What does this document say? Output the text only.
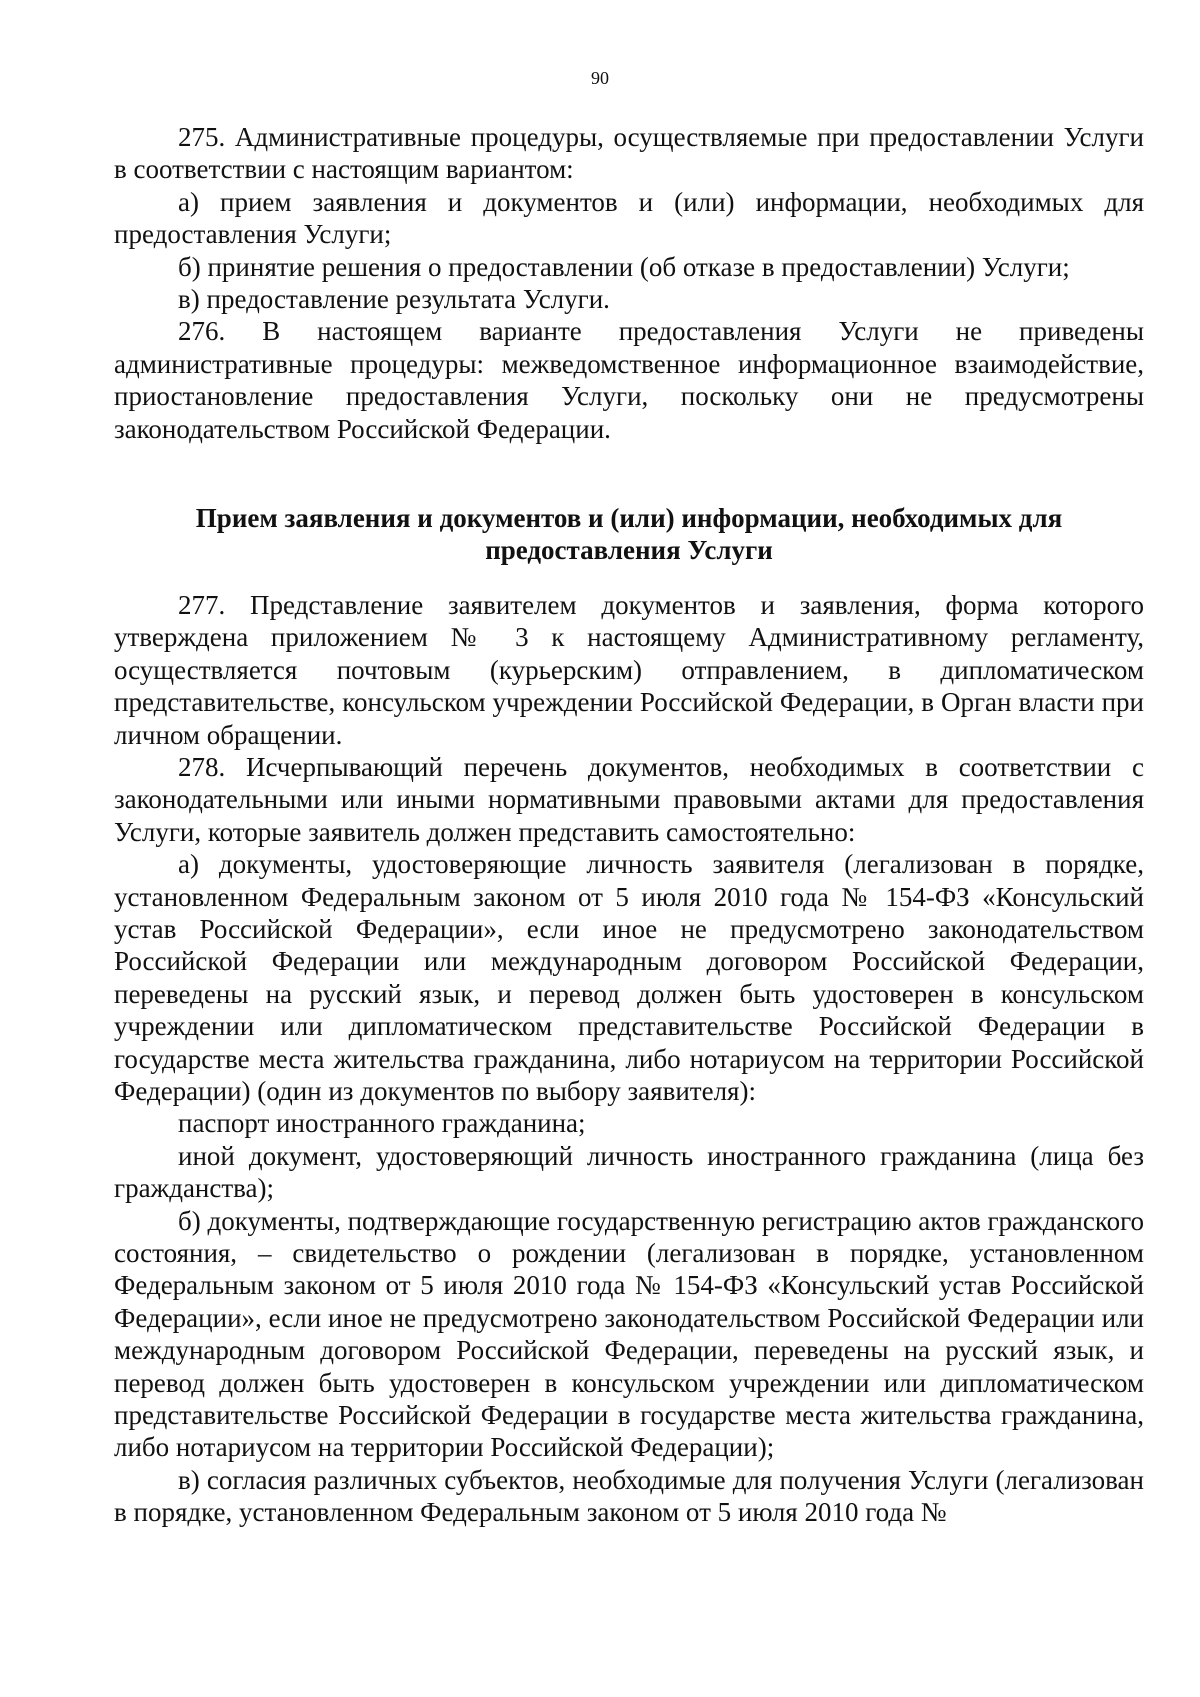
90

275. Административные процедуры, осуществляемые при предоставлении Услуги в соответствии с настоящим вариантом:

а) прием заявления и документов и (или) информации, необходимых для предоставления Услуги;

б) принятие решения о предоставлении (об отказе в предоставлении) Услуги;

в) предоставление результата Услуги.

276. В настоящем варианте предоставления Услуги не приведены административные процедуры: межведомственное информационное взаимодействие, приостановление предоставления Услуги, поскольку они не предусмотрены законодательством Российской Федерации.

Прием заявления и документов и (или) информации, необходимых для предоставления Услуги

277. Представление заявителем документов и заявления, форма которого утверждена приложением № 3 к настоящему Административному регламенту, осуществляется почтовым (курьерским) отправлением, в дипломатическом представительстве, консульском учреждении Российской Федерации, в Орган власти при личном обращении.

278. Исчерпывающий перечень документов, необходимых в соответствии с законодательными или иными нормативными правовыми актами для предоставления Услуги, которые заявитель должен представить самостоятельно:

а) документы, удостоверяющие личность заявителя (легализован в порядке, установленном Федеральным законом от 5 июля 2010 года № 154-ФЗ «Консульский устав Российской Федерации», если иное не предусмотрено законодательством Российской Федерации или международным договором Российской Федерации, переведены на русский язык, и перевод должен быть удостоверен в консульском учреждении или дипломатическом представительстве Российской Федерации в государстве места жительства гражданина, либо нотариусом на территории Российской Федерации) (один из документов по выбору заявителя):

паспорт иностранного гражданина;

иной документ, удостоверяющий личность иностранного гражданина (лица без гражданства);

б) документы, подтверждающие государственную регистрацию актов гражданского состояния, – свидетельство о рождении (легализован в порядке, установленном Федеральным законом от 5 июля 2010 года № 154-ФЗ «Консульский устав Российской Федерации», если иное не предусмотрено законодательством Российской Федерации или международным договором Российской Федерации, переведены на русский язык, и перевод должен быть удостоверен в консульском учреждении или дипломатическом представительстве Российской Федерации в государстве места жительства гражданина, либо нотариусом на территории Российской Федерации);

в) согласия различных субъектов, необходимые для получения Услуги (легализован в порядке, установленном Федеральным законом от 5 июля 2010 года №
